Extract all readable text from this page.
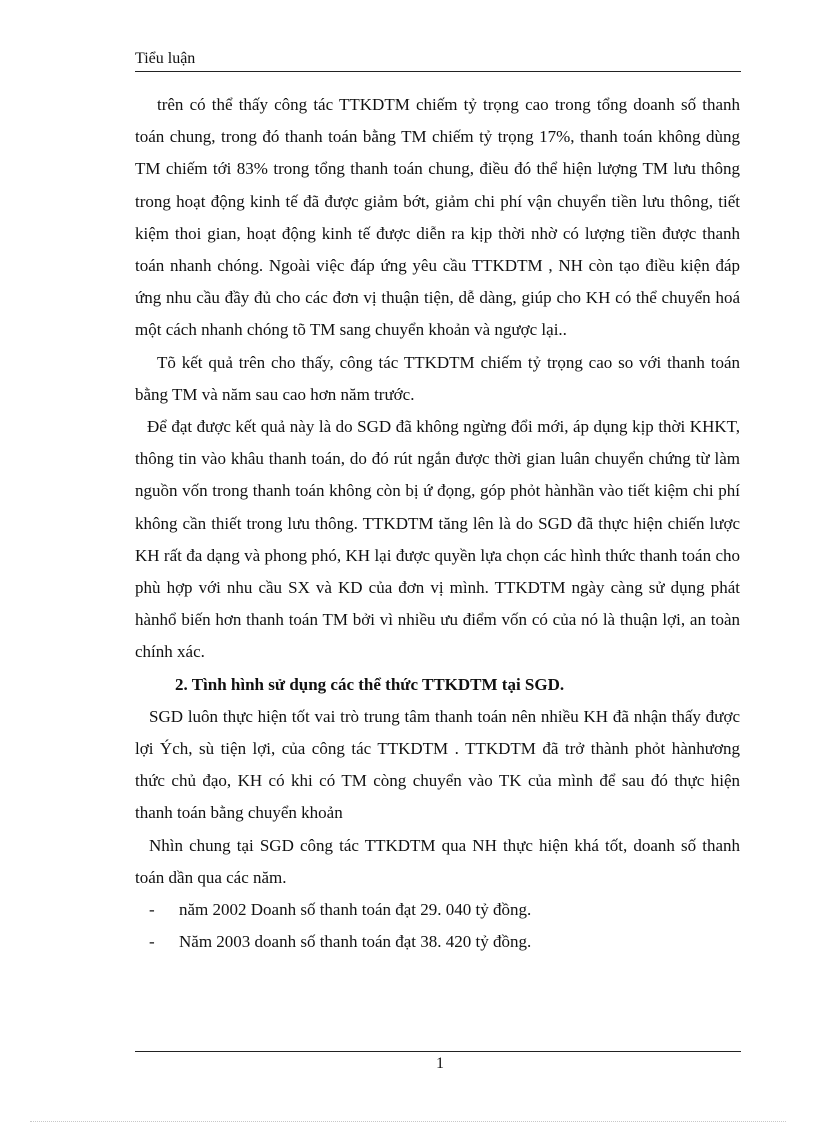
Tiểu luận

trên có thể thấy công tác TTKDTM chiếm tỷ trọng cao trong tổng doanh số thanh toán chung, trong đó thanh toán bằng TM chiếm tỷ trọng 17%, thanh toán không dùng TM chiếm tới 83% trong tổng thanh toán chung, điều đó thể hiện lượng TM lưu thông trong hoạt động kinh tế đã được giảm bớt, giảm chi phí vận chuyển tiền lưu thông, tiết kiệm thoi gian, hoạt động kinh tế được diễn ra kịp thời nhờ có lượng tiền được thanh toán nhanh chóng. Ngoài việc đáp ứng yêu cầu TTKDTM , NH còn tạo điều kiện đáp ứng nhu cầu đầy đủ cho các đơn vị thuận tiện, dễ dàng, giúp cho KH có thể chuyển hoá một cách nhanh chóng tõ TM sang chuyển khoản và ngược lại..

Tõ kết quả trên cho thấy, công tác TTKDTM chiếm tỷ trọng cao so với thanh toán bằng TM và năm sau cao hơn năm trước.

Để đạt được kết quả này là do SGD đã không ngừng đổi mới, áp dụng kịp thời KHKT, thông tin vào khâu thanh toán, do đó rút ngắn được thời gian luân chuyển chứng từ làm nguồn vốn trong thanh toán không còn bị ứ đọng, góp phỏt hànhần vào tiết kiệm chi phí không cần thiết trong lưu thông. TTKDTM tăng lên là do SGD đã thực hiện chiến lược KH rất đa dạng và phong phó, KH lại được quyền lựa chọn các hình thức thanh toán cho phù hợp với nhu cầu SX và KD của đơn vị mình. TTKDTM ngày càng sử dụng phát hànhổ biến hơn thanh toán TM bởi vì nhiều ưu điểm vốn có của nó là thuận lợi, an toàn chính xác.

2. Tình hình sử dụng các thể thức TTKDTM tại SGD.

SGD luôn thực hiện tốt vai trò trung tâm thanh toán nên nhiều KH đã nhận thấy được lợi Ých, sù tiện lợi, của công tác TTKDTM . TTKDTM đã trở thành phỏt hànhương thức chủ đạo, KH có khi có TM còng chuyển vào TK của mình để sau đó thực hiện thanh toán bằng chuyển khoản

Nhìn chung tại SGD công tác TTKDTM qua NH thực hiện khá tốt, doanh số thanh toán dần qua các năm.

-	năm 2002 Doanh số thanh toán đạt 29. 040 tỷ đồng.
-	Năm 2003 doanh số thanh toán đạt 38. 420 tỷ đồng.
1
